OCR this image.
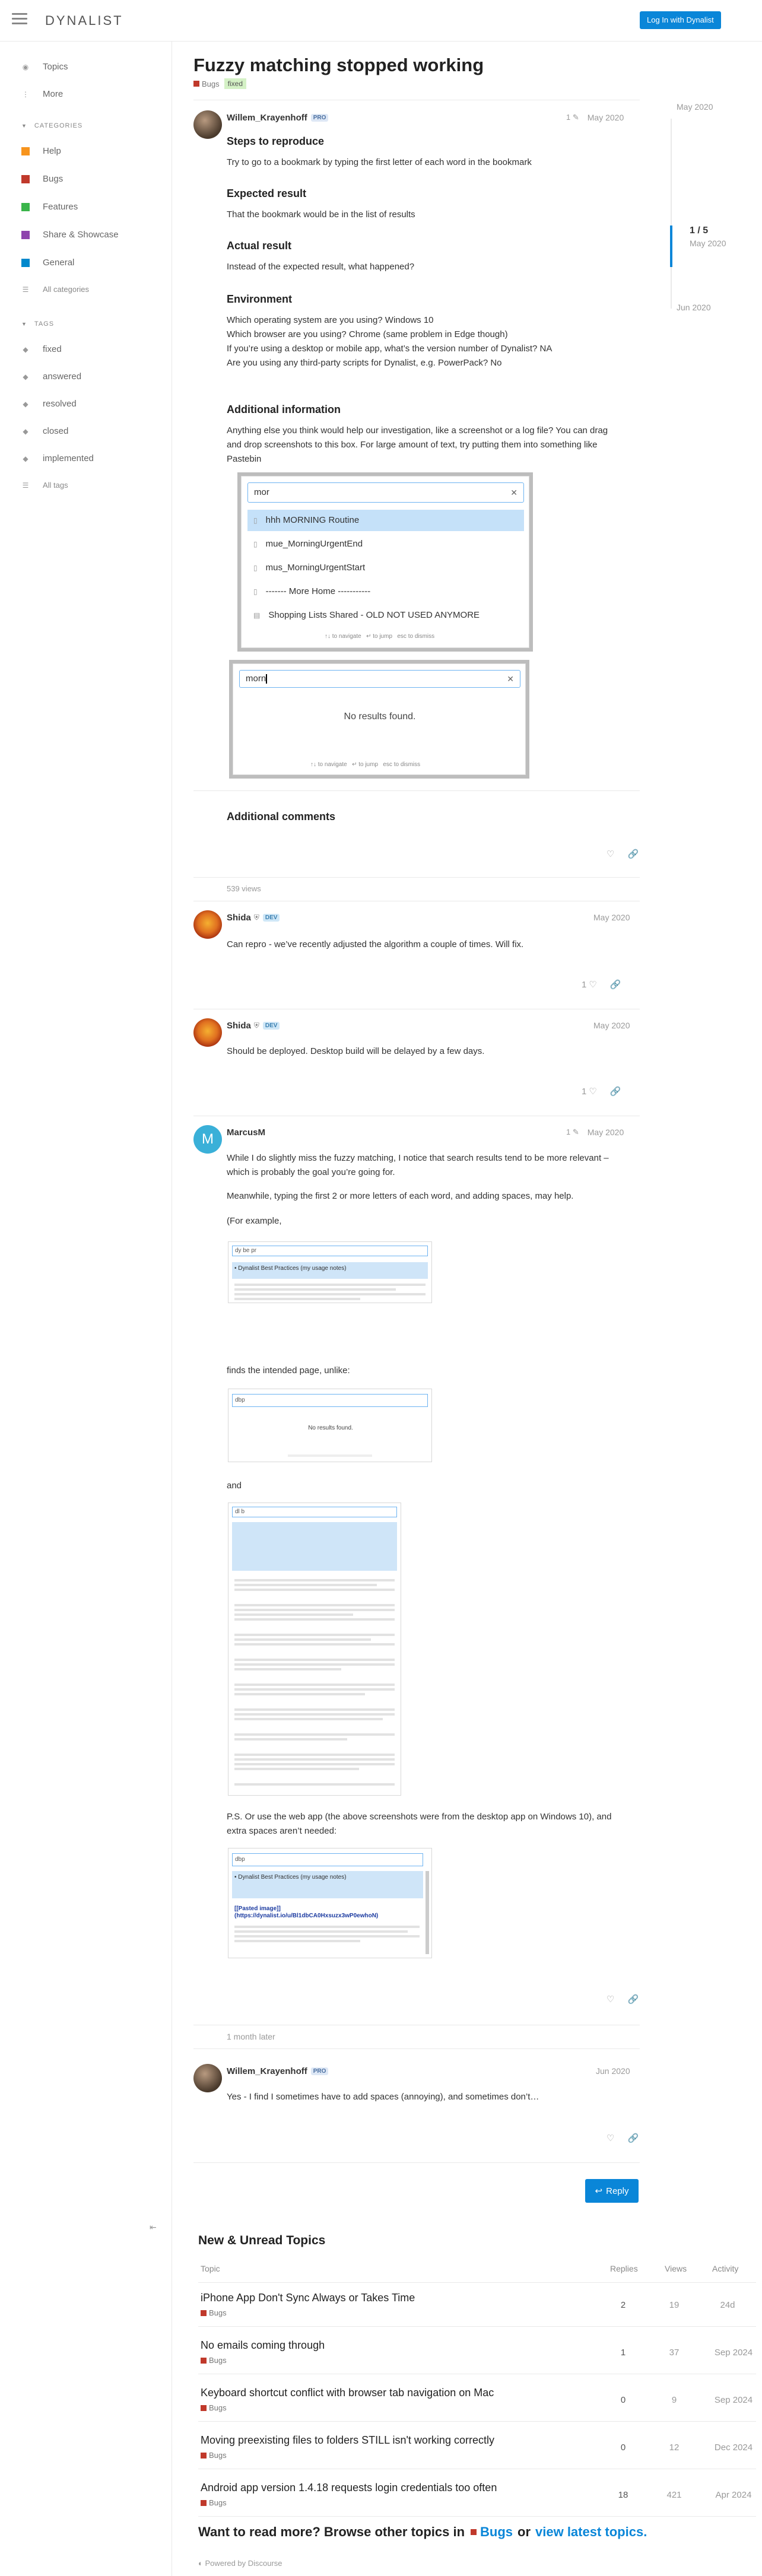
DYNALIST	Log In with Dynalist
◉ Topics
⋮ More
▼ CATEGORIES
Help
Bugs
Features
Share & Showcase
General
☰ All categories
▼ TAGS
◆ fixed
◆ answered
◆ resolved
◆ closed
◆ implemented
☰ All tags
⇤
Fuzzy matching stopped working
Bugs	fixed
May 2020
1 / 5
May 2020
Jun 2020
Willem_Krayenhoff	PRO	1 ✎ May 2020
Steps to reproduce
Try to go to a bookmark by typing the first letter of each word in the bookmark
Expected result
That the bookmark would be in the list of results
Actual result
Instead of the expected result, what happened?
Environment
Which operating system are you using? Windows 10
Which browser are you using? Chrome (same problem in Edge though)
If you’re using a desktop or mobile app, what’s the version number of Dynalist? NA
Are you using any third-party scripts for Dynalist, e.g. PowerPack? No
Additional information
Anything else you think would help our investigation, like a screenshot or a log file? You can drag
and drop screenshots to this box. For large amount of text, try putting them into something like
Pastebin
mor	✕
▯ hhh MORNING Routine
▯ mue_MorningUrgentEnd
▯ mus_MorningUrgentStart
▯ ------- More Home -----------
▤ Shopping Lists Shared - OLD NOT USED ANYMORE
↑↓ to navigate ↵ to jump esc to dismiss
morn	✕
No results found.
↑↓ to navigate ↵ to jump esc to dismiss
Additional comments
♡ 🔗
539 views
Shida ⛨	DEV	May 2020
Can repro - we’ve recently adjusted the algorithm a couple of times. Will fix.
1 ♡ 🔗
Shida ⛨	DEV	May 2020
Should be deployed. Desktop build will be delayed by a few days.
1 ♡ 🔗
M	MarcusM	1 ✎ May 2020
While I do slightly miss the fuzzy matching, I notice that search results tend to be more relevant –
which is probably the goal you’re going for.
Meanwhile, typing the first 2 or more letters of each word, and adding spaces, may help.
(For example,
dy be pr
• Dynalist Best Practices (my usage notes)
finds the intended page, unlike:
dbp
No results found.
and
dl b
P.S. Or use the web app (the above screenshots were from the desktop app on Windows 10), and
extra spaces aren’t needed:
dbp
• Dynalist Best Practices (my usage notes)
[[Pasted image]](https://dynalist.io/u/Bl1dbCA0Hxsuzx3wP0ewhoN)
♡ 🔗
1 month later
Willem_Krayenhoff	PRO	Jun 2020
Yes - I find I sometimes have to add spaces (annoying), and sometimes don’t…
♡ 🔗
↩ Reply
New & Unread Topics
Topic	Replies	Views	Activity
iPhone App Don't Sync Always or Takes Time
Bugs
2	19	24d
No emails coming through
Bugs
1	37	Sep 2024
Keyboard shortcut conflict with browser tab navigation on Mac
Bugs
0	9	Sep 2024
Moving preexisting files to folders STILL isn't working correctly
Bugs
0	12	Dec 2024
Android app version 1.4.18 requests login credentials too often
Bugs
18	421	Apr 2024
Want to read more? Browse other topics in Bugs or view latest topics.
◐ Powered by Discourse
